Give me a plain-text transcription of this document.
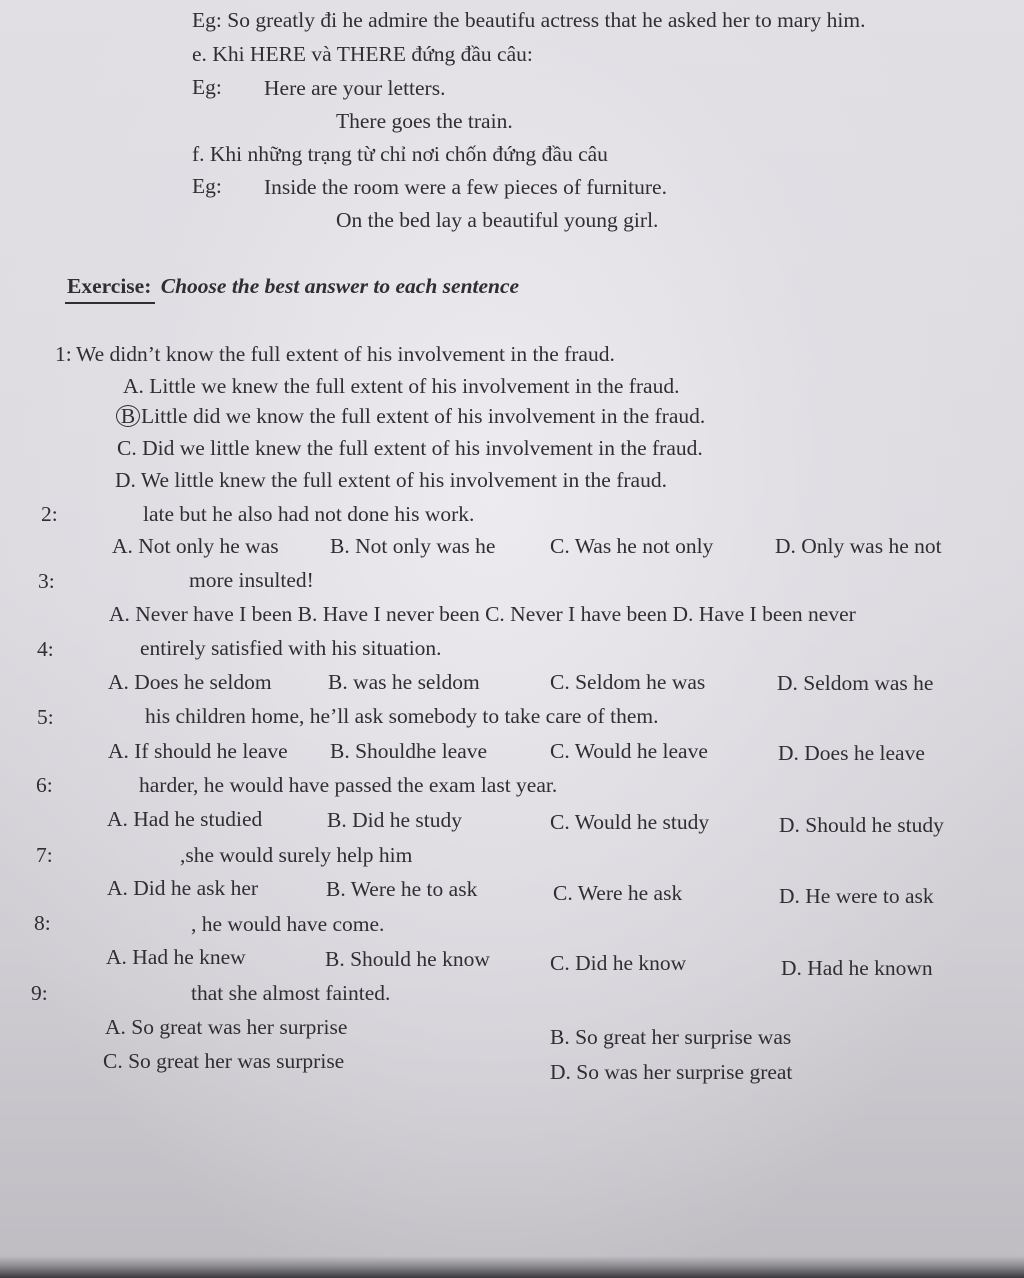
Eg: So greatly đi he admire the beautifu actress that he asked her to mary him.
e. Khi HERE và THERE đứng đầu câu:
Eg: Here are your letters.
There goes the train.
f. Khi những trạng từ chỉ nơi chốn đứng đầu câu
Eg: Inside the room were a few pieces of furniture.
On the bed lay a beautiful young girl.
Exercise: Choose the best answer to each sentence
1: We didn’t know the full extent of his involvement in the fraud.
A. Little we knew the full extent of his involvement in the fraud.
B Little did we know the full extent of his involvement in the fraud.
C. Did we little knew the full extent of his involvement in the fraud.
D. We little knew the full extent of his involvement in the fraud.
2:	late but he also had not done his work.
A. Not only he was B. Not only was he	C. Was he not only	D. Only was he not
3:	more insulted!
A. Never have I been B. Have I never been C. Never I have been D. Have I been never
4:	entirely satisfied with his situation.
A. Does he seldom	B. was he seldom	C. Seldom he was	D. Seldom was he
5:	his children home, he’ll ask somebody to take care of them.
A. If should he leave B. Shouldhe leave	C. Would he leave	D. Does he leave
6:	harder, he would have passed the exam last year.
A. Had he studied	B. Did he study	C. Would he study	D. Should he study
7:	,she would surely help him
A. Did he ask her	B. Were he to ask	C. Were he ask	D. He were to ask
8:	, he would have come.
A. Had he knew	B. Should he know	C. Did he know	D. Had he known
9:	that she almost fainted.
A. So great was her surprise	B. So great her surprise was
C. So great her was surprise	D. So was her surprise great
